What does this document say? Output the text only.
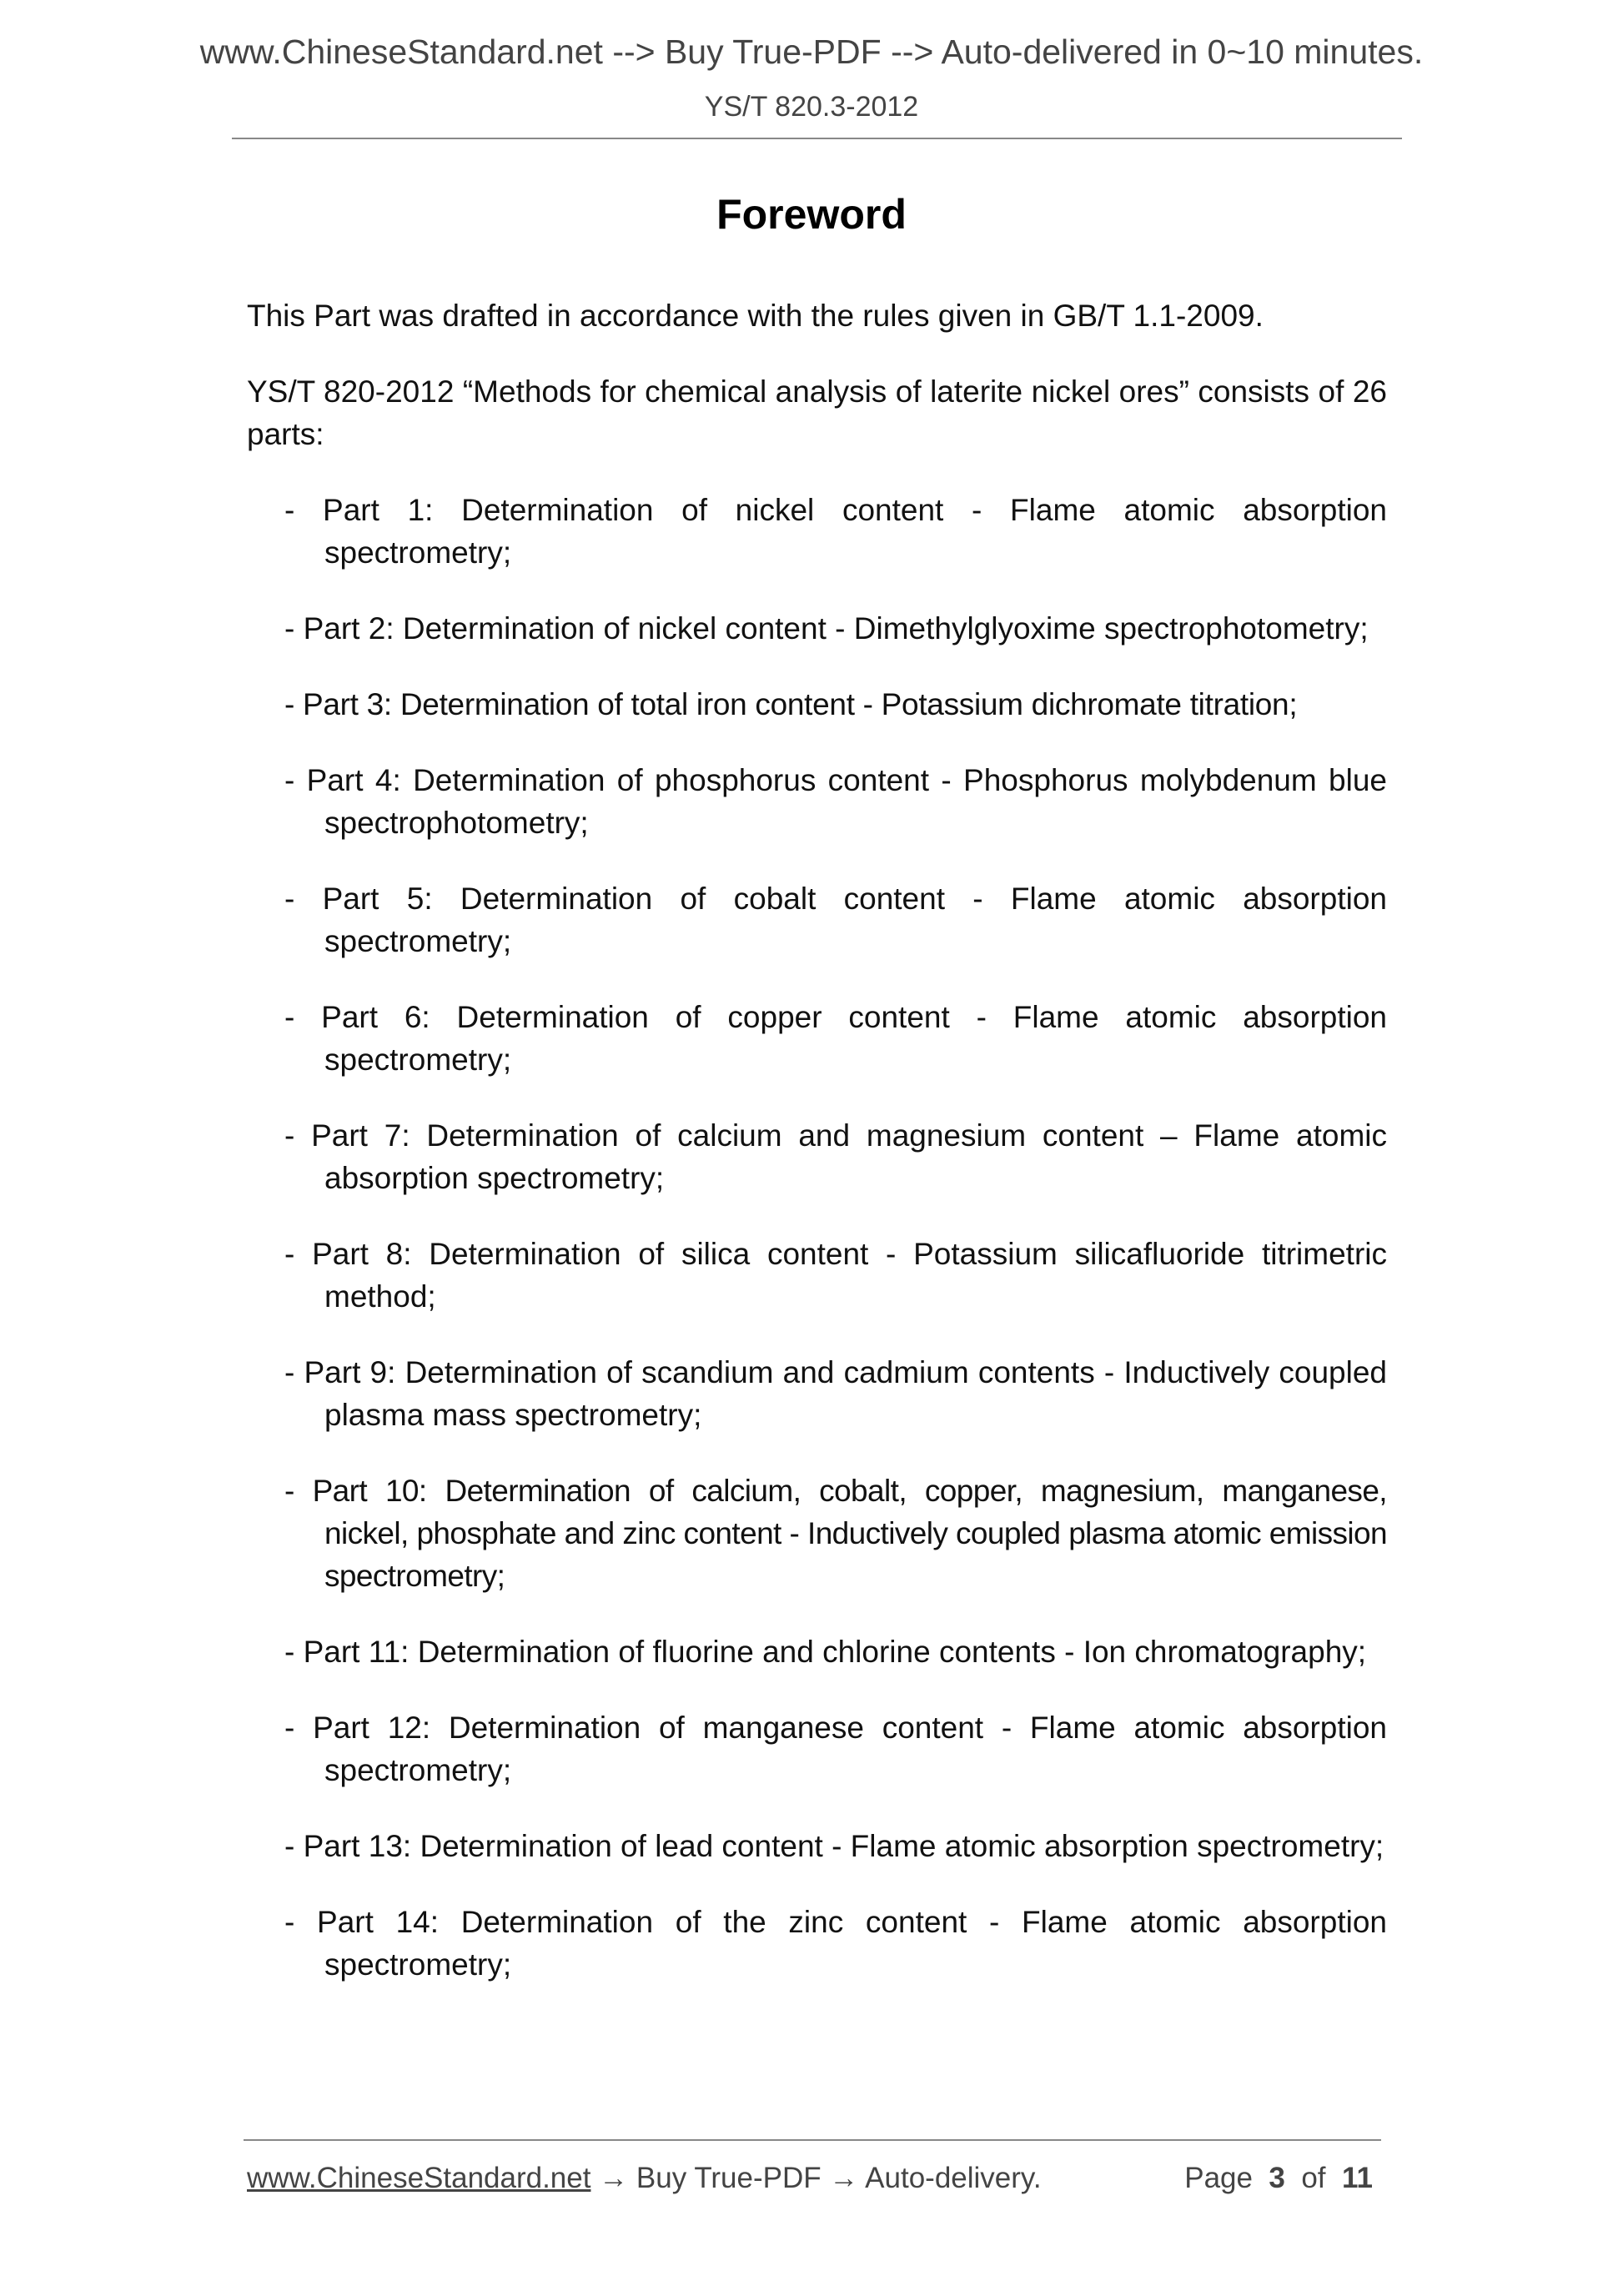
www.ChineseStandard.net --> Buy True-PDF --> Auto-delivered in 0~10 minutes.
YS/T 820.3-2012
Foreword
This Part was drafted in accordance with the rules given in GB/T 1.1-2009.
YS/T 820-2012 “Methods for chemical analysis of laterite nickel ores” consists of 26 parts:
- Part 1: Determination of nickel content - Flame atomic absorption spectrometry;
- Part 2: Determination of nickel content - Dimethylglyoxime spectrophotometry;
- Part 3: Determination of total iron content - Potassium dichromate titration;
- Part 4: Determination of phosphorus content - Phosphorus molybdenum blue spectrophotometry;
- Part 5: Determination of cobalt content - Flame atomic absorption spectrometry;
- Part 6: Determination of copper content - Flame atomic absorption spectrometry;
- Part 7: Determination of calcium and magnesium content – Flame atomic absorption spectrometry;
- Part 8: Determination of silica content - Potassium silicafluoride titrimetric method;
- Part 9: Determination of scandium and cadmium contents - Inductively coupled plasma mass spectrometry;
- Part 10: Determination of calcium, cobalt, copper, magnesium, manganese, nickel, phosphate and zinc content - Inductively coupled plasma atomic emission spectrometry;
- Part 11: Determination of fluorine and chlorine contents - Ion chromatography;
- Part 12: Determination of manganese content - Flame atomic absorption spectrometry;
- Part 13: Determination of lead content - Flame atomic absorption spectrometry;
- Part 14: Determination of the zinc content - Flame atomic absorption spectrometry;
www.ChineseStandard.net → Buy True-PDF → Auto-delivery.	Page 3 of 11
